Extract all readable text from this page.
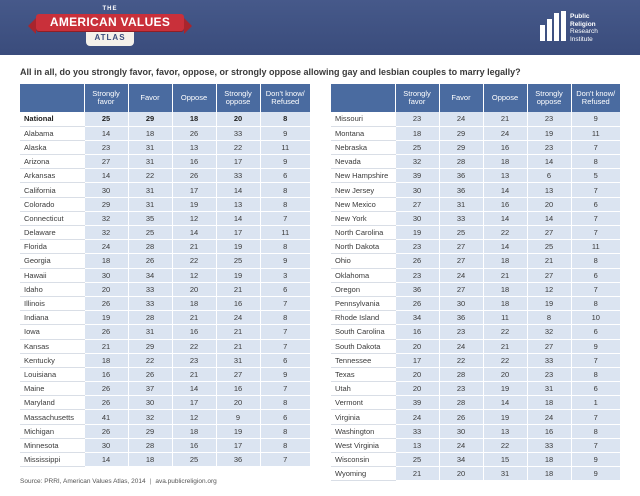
THE
AMERICAN VALUES
ATLAS
Public
Religion
Research
Institute
All in all, do you strongly favor, favor, oppose, or strongly oppose allowing gay and lesbian couples to marry legally?
	Strongly favor	Favor	Oppose	Strongly oppose	Don't know/ Refused
National	25	29	18	20	8
Alabama	14	18	26	33	9
Alaska	23	31	13	22	11
Arizona	27	31	16	17	9
Arkansas	14	22	26	33	6
California	30	31	17	14	8
Colorado	29	31	19	13	8
Connecticut	32	35	12	14	7
Delaware	32	25	14	17	11
Florida	24	28	21	19	8
Georgia	18	26	22	25	9
Hawaii	30	34	12	19	3
Idaho	20	33	20	21	6
Illinois	26	33	18	16	7
Indiana	19	28	21	24	8
Iowa	26	31	16	21	7
Kansas	21	29	22	21	7
Kentucky	18	22	23	31	6
Louisiana	16	26	21	27	9
Maine	26	37	14	16	7
Maryland	26	30	17	20	8
Massachusetts	41	32	12	9	6
Michigan	26	29	18	19	8
Minnesota	30	28	16	17	8
Mississippi	14	18	25	36	7
	Strongly favor	Favor	Oppose	Strongly oppose	Don't know/ Refused
Missouri	23	24	21	23	9
Montana	18	29	24	19	11
Nebraska	25	29	16	23	7
Nevada	32	28	18	14	8
New Hampshire	39	36	13	6	5
New Jersey	30	36	14	13	7
New Mexico	27	31	16	20	6
New York	30	33	14	14	7
North Carolina	19	25	22	27	7
North Dakota	23	27	14	25	11
Ohio	26	27	18	21	8
Oklahoma	23	24	21	27	6
Oregon	36	27	18	12	7
Pennsylvania	26	30	18	19	8
Rhode Island	34	36	11	8	10
South Carolina	16	23	22	32	6
South Dakota	20	24	21	27	9
Tennessee	17	22	22	33	7
Texas	20	28	20	23	8
Utah	20	23	19	31	6
Vermont	39	28	14	18	1
Virginia	24	26	19	24	7
Washington	33	30	13	16	8
West Virginia	13	24	22	33	7
Wisconsin	25	34	15	18	9
Wyoming	21	20	31	18	9
Source: PRRI, American Values Atlas, 2014 | ava.publicreligion.org
